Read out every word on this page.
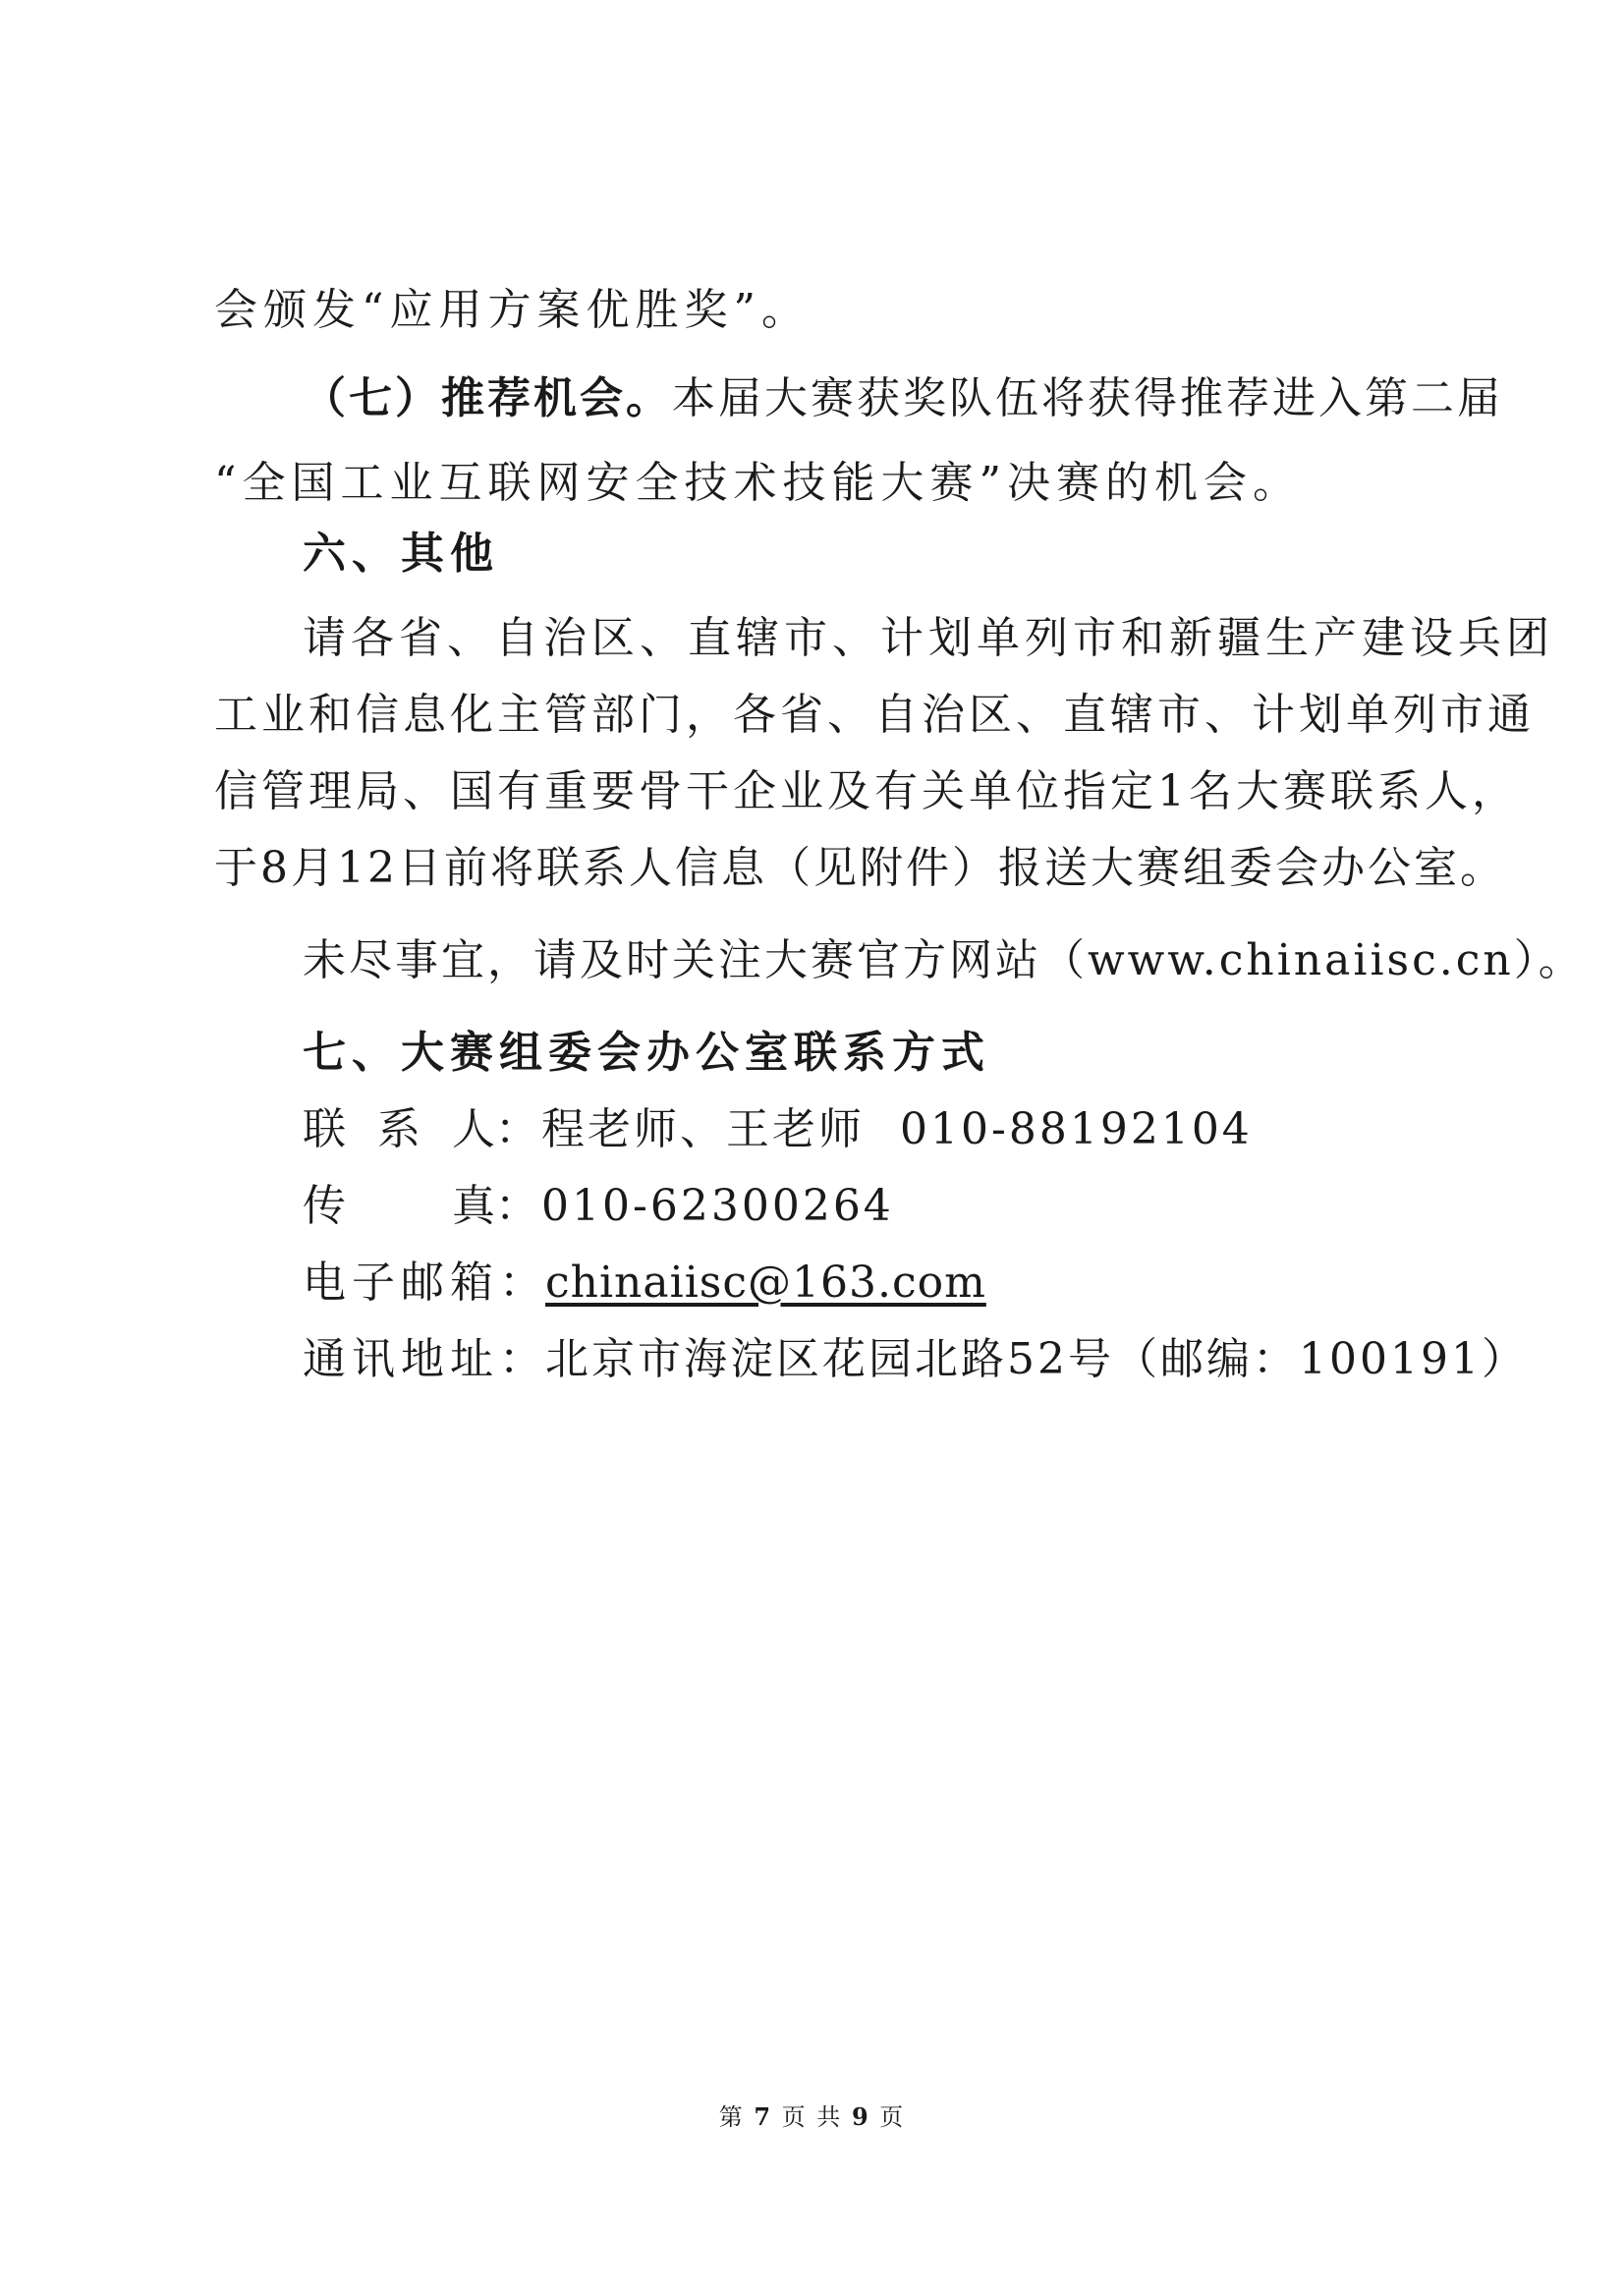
会颁发“应用方案优胜奖”。
（七）推荐机会。本届大赛获奖队伍将获得推荐进入第二届
“全国工业互联网安全技术技能大赛”决赛的机会。
六、其他
请各省、自治区、直辖市、计划单列市和新疆生产建设兵团
工业和信息化主管部门，各省、自治区、直辖市、计划单列市通
信管理局、国有重要骨干企业及有关单位指定1名大赛联系人，
于8月12日前将联系人信息（见附件）报送大赛组委会办公室。
未尽事宜，请及时关注大赛官方网站（www.chinaiisc.cn）。
七、大赛组委会办公室联系方式
联 系 人 ：程老师、王老师 010-88192104
传 真 ：010-62300264
电子邮箱：chinaiisc@163.com
通讯地址：北京市海淀区花园北路52号（邮编：100191）
第 7 页 共 9 页
